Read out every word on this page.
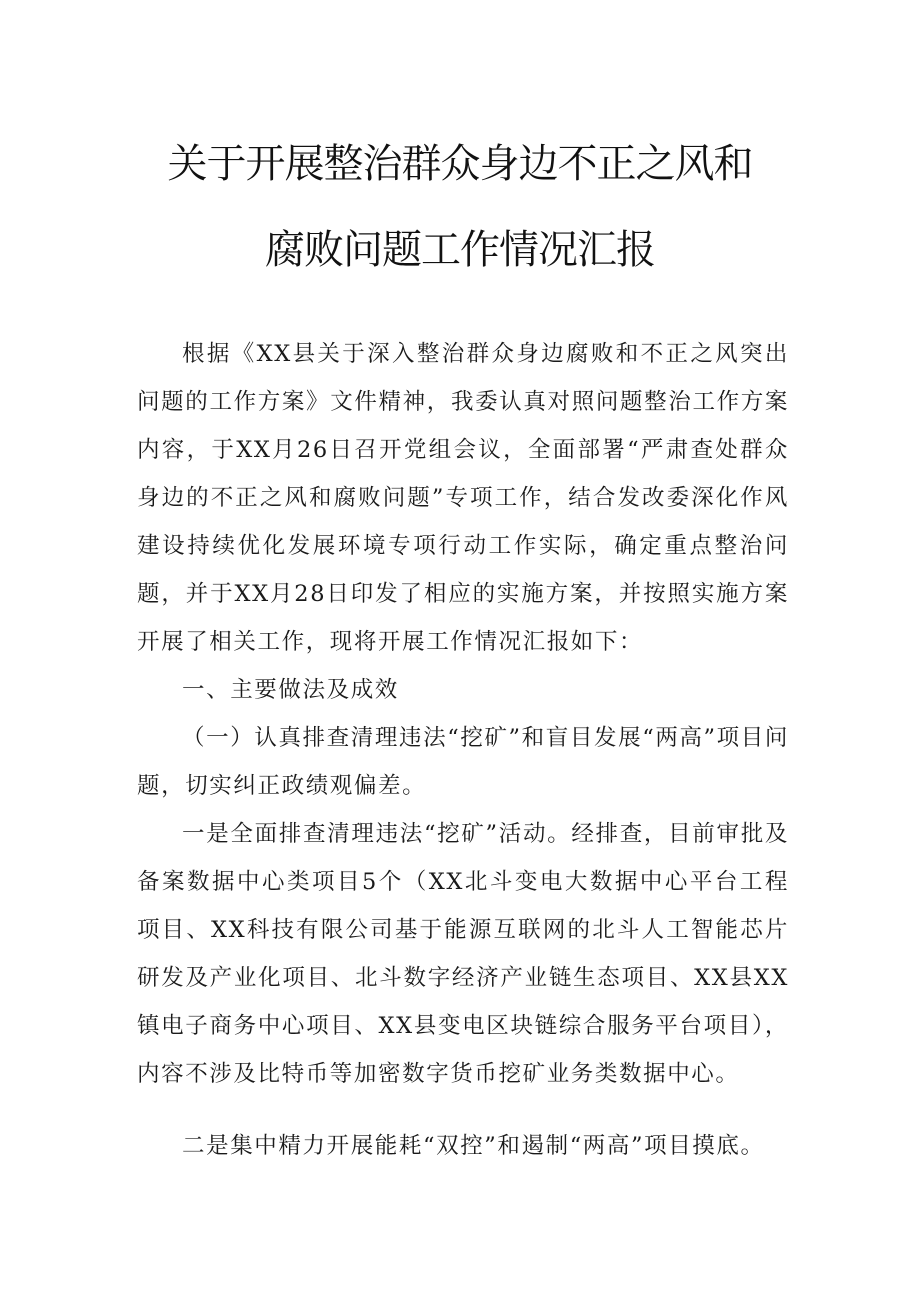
关于开展整治群众身边不正之风和
腐败问题工作情况汇报

根据《XX县关于深入整治群众身边腐败和不正之风突出问题的工作方案》文件精神，我委认真对照问题整治工作方案内容，于XX月26日召开党组会议，全面部署“严肃查处群众身边的不正之风和腐败问题”专项工作，结合发改委深化作风建设持续优化发展环境专项行动工作实际，确定重点整治问题，并于XX月28日印发了相应的实施方案，并按照实施方案开展了相关工作，现将开展工作情况汇报如下：

一、主要做法及成效

（一）认真排查清理违法“挖矿”和盲目发展“两高”项目问题，切实纠正政绩观偏差。

一是全面排查清理违法“挖矿”活动。经排查，目前审批及备案数据中心类项目5个（XX北斗变电大数据中心平台工程项目、XX科技有限公司基于能源互联网的北斗人工智能芯片研发及产业化项目、北斗数字经济产业链生态项目、XX县XX镇电子商务中心项目、XX县变电区块链综合服务平台项目），内容不涉及比特币等加密数字货币挖矿业务类数据中心。

二是集中精力开展能耗“双控”和遏制“两高”项目摸底。
